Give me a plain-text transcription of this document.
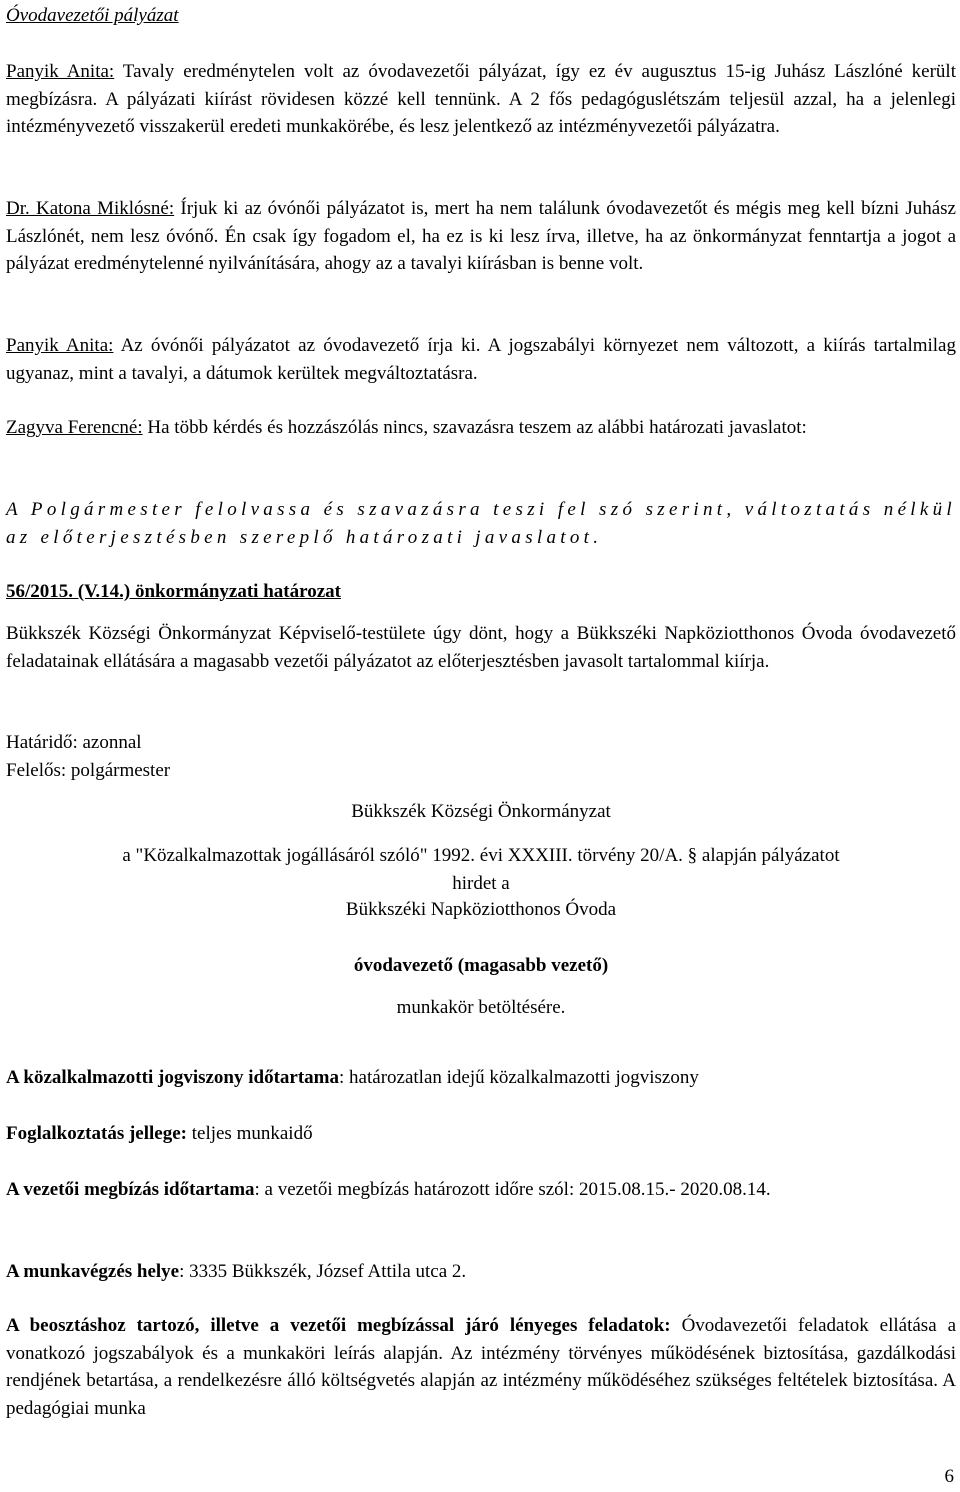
Óvodavezetői pályázat

Panyik Anita: Tavaly eredménytelen volt az óvodavezetői pályázat, így ez év augusztus 15-ig Juhász Lászlóné került megbízásra. A pályázati kiírást rövidesen közzé kell tennünk. A 2 fős pedagóguslétszám teljesül azzal, ha a jelenlegi intézményvezető visszakerül eredeti munkakörébe, és lesz jelentkező az intézményvezetői pályázatra.

Dr. Katona Miklósné: Írjuk ki az óvónői pályázatot is, mert ha nem találunk óvodavezetőt és mégis meg kell bízni Juhász Lászlónét, nem lesz óvónő. Én csak így fogadom el, ha ez is ki lesz írva, illetve, ha az önkormányzat fenntartja a jogot a pályázat eredménytelenné nyilvánítására, ahogy az a tavalyi kiírásban is benne volt.

Panyik Anita: Az óvónői pályázatot az óvodavezető írja ki. A jogszabályi környezet nem változott, a kiírás tartalmilag ugyanaz, mint a tavalyi, a dátumok kerültek megváltoztatásra.

Zagyva Ferencné: Ha több kérdés és hozzászólás nincs, szavazásra teszem az alábbi határozati javaslatot:

A Polgármester felolvassa és szavazásra teszi fel szó szerint, változtatás nélkül az előterjesztésben szereplő határozati javaslatot.

56/2015. (V.14.) önkormányzati határozat

Bükkszék Községi Önkormányzat Képviselő-testülete úgy dönt, hogy a Bükkszéki Napköziotthonos Óvoda óvodavezető feladatainak ellátására a magasabb vezetői pályázatot az előterjesztésben javasolt tartalommal kiírja.

Határidő: azonnal
Felelős: polgármester
Bükkszék Községi Önkormányzat
a "Közalkalmazottak jogállásáról szóló" 1992. évi XXXIII. törvény 20/A. § alapján pályázatot
hirdet a
Bükkszéki Napköziotthonos Óvoda
óvodavezető (magasabb vezető)
munkakör betöltésére.

A közalkalmazotti jogviszony időtartama: határozatlan idejű közalkalmazotti jogviszony

Foglalkoztatás jellege: teljes munkaidő

A vezetői megbízás időtartama: a vezetői megbízás határozott időre szól: 2015.08.15.- 2020.08.14.

A munkavégzés helye: 3335 Bükkszék, József Attila utca 2.

A beosztáshoz tartozó, illetve a vezetői megbízással járó lényeges feladatok: Óvodavezetői feladatok ellátása a vonatkozó jogszabályok és a munkaköri leírás alapján. Az intézmény törvényes működésének biztosítása, gazdálkodási rendjének betartása, a rendelkezésre álló költségvetés alapján az intézmény működéséhez szükséges feltételek biztosítása. A pedagógiai munka

6
